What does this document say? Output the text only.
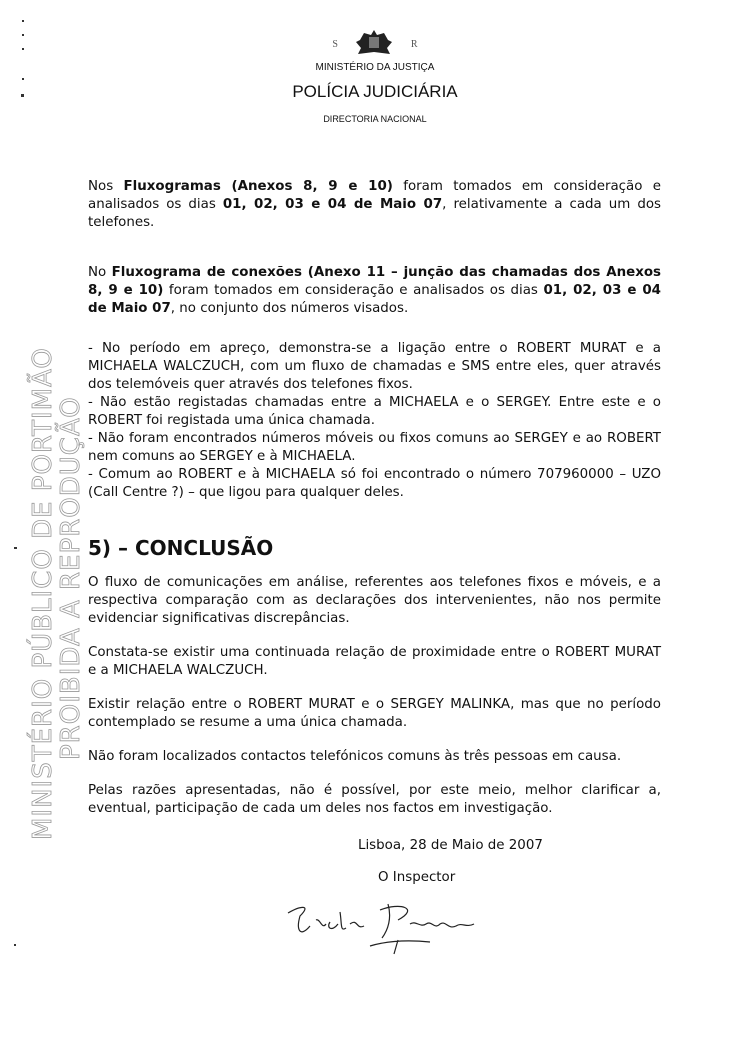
S	R
MINISTÉRIO DA JUSTIÇA
POLÍCIA JUDICIÁRIA
DIRECTORIA NACIONAL

Nos Fluxogramas (Anexos 8, 9 e 10) foram tomados em consideração e analisados os dias 01, 02, 03 e 04 de Maio 07, relativamente a cada um dos telefones.

No Fluxograma de conexões (Anexo 11 – junção das chamadas dos Anexos 8, 9 e 10) foram tomados em consideração e analisados os dias 01, 02, 03 e 04 de Maio 07, no conjunto dos números visados.

- No período em apreço, demonstra-se a ligação entre o ROBERT MURAT e a MICHAELA WALCZUCH, com um fluxo de chamadas e SMS entre eles, quer através dos telemóveis quer através dos telefones fixos.

- Não estão registadas chamadas entre a MICHAELA e o SERGEY. Entre este e o ROBERT foi registada uma única chamada.

- Não foram encontrados números móveis ou fixos comuns ao SERGEY e ao ROBERT nem comuns ao SERGEY e à MICHAELA.

- Comum ao ROBERT e à MICHAELA só foi encontrado o número 707960000 – UZO (Call Centre ?) – que ligou para qualquer deles.

5) – CONCLUSÃO

O fluxo de comunicações em análise, referentes aos telefones fixos e móveis, e a respectiva comparação com as declarações dos intervenientes, não nos permite evidenciar significativas discrepâncias.

Constata-se existir uma continuada relação de proximidade entre o ROBERT MURAT e a MICHAELA WALCZUCH.

Existir relação entre o ROBERT MURAT e o SERGEY MALINKA, mas que no período contemplado se resume a uma única chamada.

Não foram localizados contactos telefónicos comuns às três pessoas em causa.

Pelas razões apresentadas, não é possível, por este meio, melhor clarificar a, eventual, participação de cada um deles nos factos em investigação.

Lisboa, 28 de Maio de 2007
O Inspector
MINISTÉRIO PÚBLICO DE PORTIMÃO
PROIBIDA A REPRODUÇÃO
